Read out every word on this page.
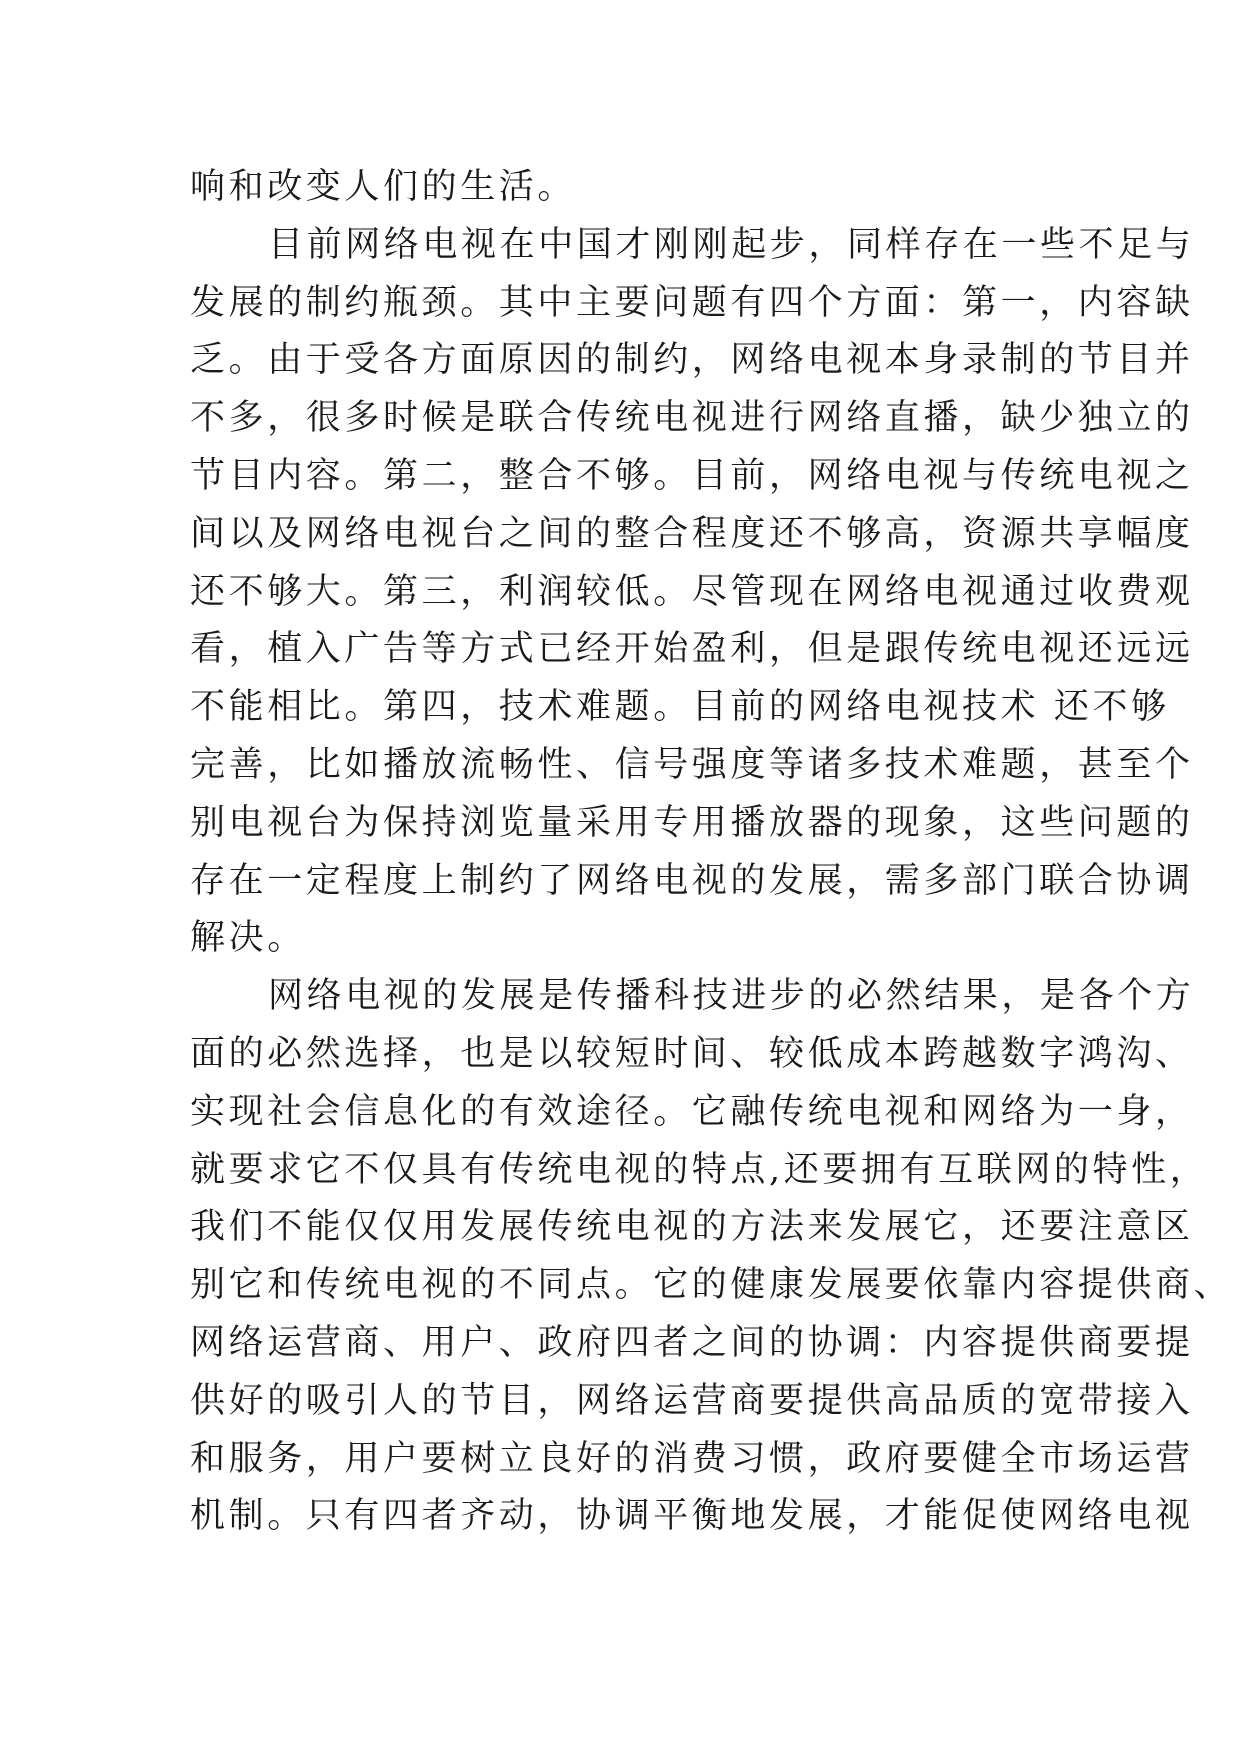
响和改变人们的生活。
目前网络电视在中国才刚刚起步，同样存在一些不足与
发展的制约瓶颈。其中主要问题有四个方面：第一，内容缺
乏。由于受各方面原因的制约，网络电视本身录制的节目并
不多，很多时候是联合传统电视进行网络直播，缺少独立的
节目内容。第二，整合不够。目前，网络电视与传统电视之
间以及网络电视台之间的整合程度还不够高，资源共享幅度
还不够大。第三，利润较低。尽管现在网络电视通过收费观
看，植入广告等方式已经开始盈利，但是跟传统电视还远远
不能相比。第四，技术难题。目前的网络电视技术 还不够
完善，比如播放流畅性、信号强度等诸多技术难题，甚至个
别电视台为保持浏览量采用专用播放器的现象，这些问题的
存在一定程度上制约了网络电视的发展，需多部门联合协调
解决。
网络电视的发展是传播科技进步的必然结果，是各个方
面的必然选择，也是以较短时间、较低成本跨越数字鸿沟、
实现社会信息化的有效途径。它融传统电视和网络为一身，
就要求它不仅具有传统电视的特点,还要拥有互联网的特性，
我们不能仅仅用发展传统电视的方法来发展它，还要注意区
别它和传统电视的不同点。它的健康发展要依靠内容提供商、
网络运营商、用户、政府四者之间的协调：内容提供商要提
供好的吸引人的节目，网络运营商要提供高品质的宽带接入
和服务，用户要树立良好的消费习惯，政府要健全市场运营
机制。只有四者齐动，协调平衡地发展，才能促使网络电视
